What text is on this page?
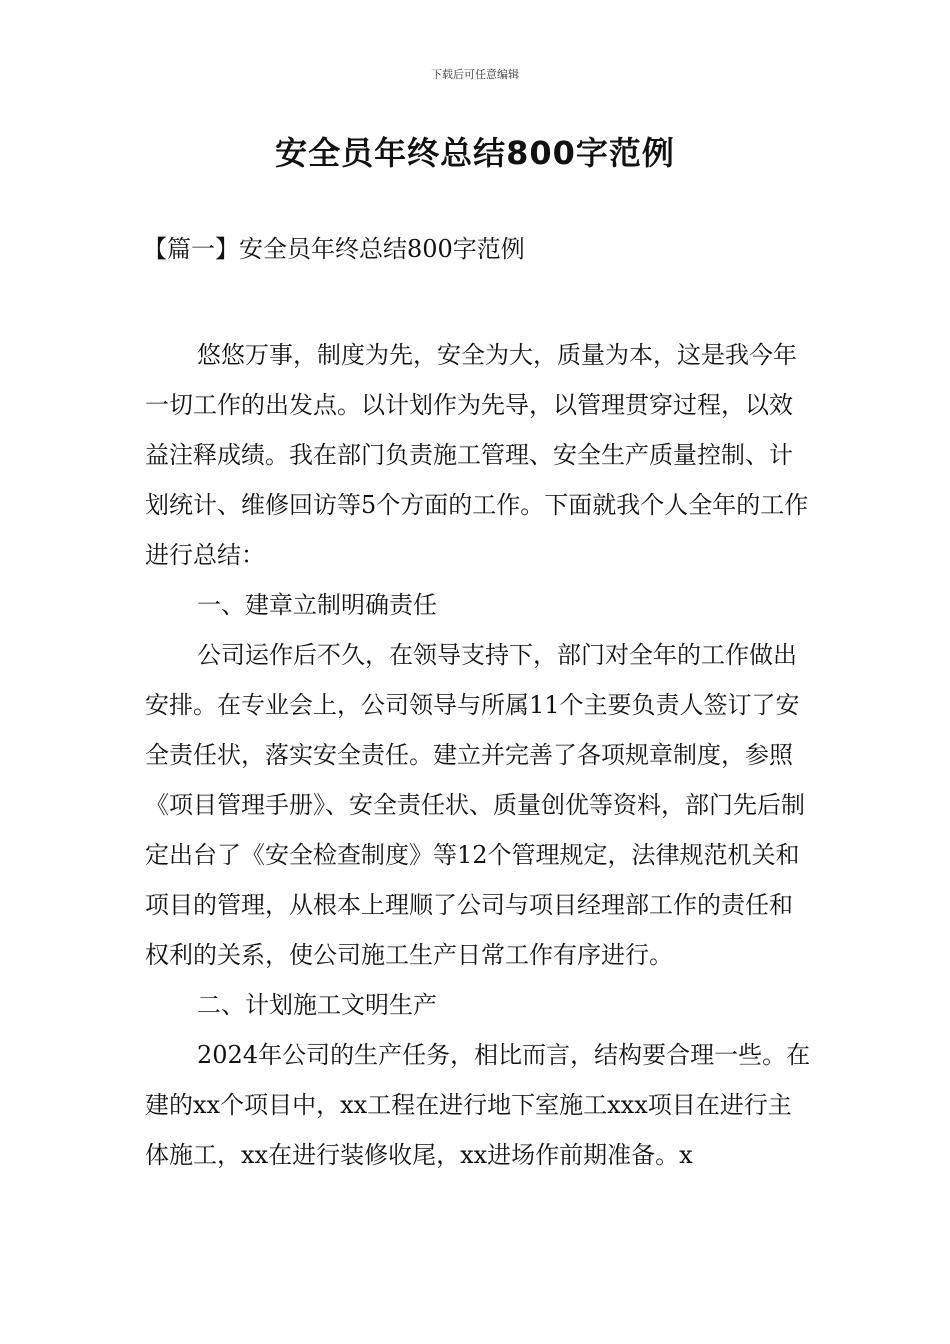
下载后可任意编辑
安全员年终总结800字范例
【篇一】安全员年终总结800字范例

悠悠万事，制度为先，安全为大，质量为本，这是我今年一切工作的出发点。以计划作为先导，以管理贯穿过程，以效益注释成绩。我在部门负责施工管理、安全生产质量控制、计划统计、维修回访等5个方面的工作。下面就我个人全年的工作进行总结：

一、建章立制明确责任

公司运作后不久，在领导支持下，部门对全年的工作做出安排。在专业会上，公司领导与所属11个主要负责人签订了安全责任状，落实安全责任。建立并完善了各项规章制度，参照《项目管理手册》、安全责任状、质量创优等资料，部门先后制定出台了《安全检查制度》等12个管理规定，法律规范机关和项目的管理，从根本上理顺了公司与项目经理部工作的责任和权利的关系，使公司施工生产日常工作有序进行。

二、计划施工文明生产

2024年公司的生产任务，相比而言，结构要合理一些。在建的xx个项目中，xx工程在进行地下室施工xxx项目在进行主体施工，xx在进行装修收尾，xx进场作前期准备。x
